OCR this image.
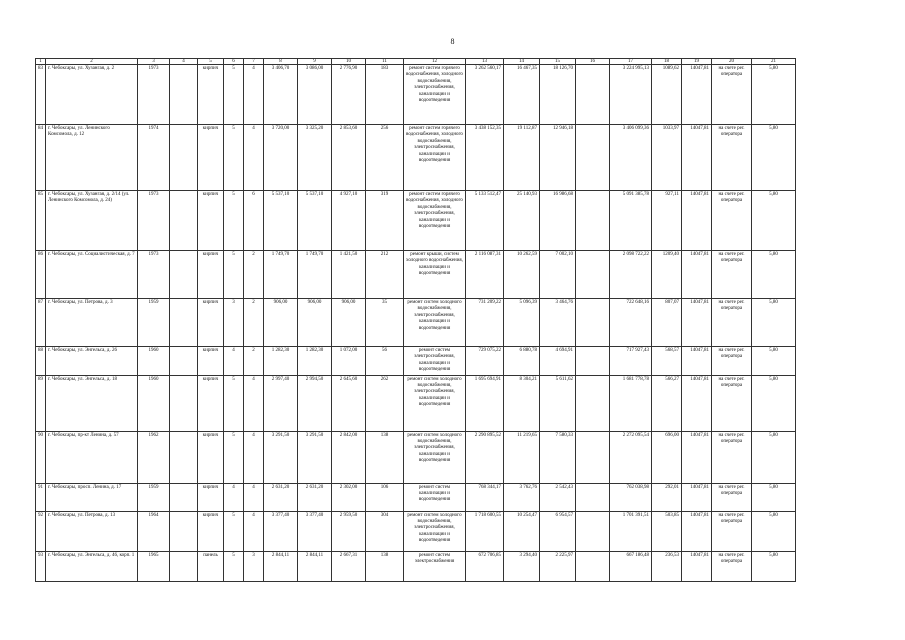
8
1	2	3	4	5	6	7	8	9	10	11	12	13	14	15	16	17	18	19	20	21
83	г. Чебоксары, ул. Хузангая, д. 2	1973		кирпич	5	4	3 406,70	3 086,00	2 776,90	183	ремонт систем горячего водоснабжения, холодного водоснабжения, электроснабжения, канализации и водоотведения	3 262 560,17	16 467,35	18 126,70		3 224 995,13	1089,62	14047,81	на счете рег. оператора	5,80
84	г. Чебоксары, ул. Ленинского Комсомола, д. 12	1974		кирпич	5	4	3 720,00	3 325,20	2 853,60	256	ремонт систем горячего водоснабжения, холодного водоснабжения, электроснабжения, канализации и водоотведения	3 438 152,35	19 112,87	12 946,18		3 406 099,36	1033,97	14047,81	на счете рег. оператора	5,80
85	г. Чебоксары, ул. Хузангая, д. 2/14 (ул. Ленинского Комсомола, д. 24)	1973		кирпич	5	6	5 537,10	5 537,10	4 927,10	319	ремонт систем горячего водоснабжения, холодного водоснабжения, электроснабжения, канализации и водоотведения	5 133 512,47	25 140,93	16 986,68		5 091 385,78	927,11	14047,81	на счете рег. оператора	5,80
86	г. Чебоксары, ул. Социалистическая, д. 7	1973		кирпич	5	2	1 749,70	1 749,70	1 421,50	212	ремонт крыши, систем холодного водоснабжения, канализации и водоотведения	2 116 087,31	10 262,59	7 002,10		2 098 722,22	1209,40	14047,81	на счете рег. оператора	5,80
87	г. Чебоксары, ул. Петрова, д. 3	1959		кирпич	3	2	906,00	906,00	906,00	35	ремонт систем холодного водоснабжения, электроснабжения, канализации и водоотведения	731 209,22	5 096,39	3 464,76		722 648,16	807,07	14047,81	на счете рег. оператора	5,80
88	г. Чебоксары, ул. Энгельса, д. 26	1960		кирпич	4	2	1 282,30	1 282,30	1 072,00	56	ремонт систем электроснабжения, канализации и водоотведения	729 075,22	6 880,78	4 694,91		717 927,43	568,57	14047,81	на счете рег. оператора	5,80
89	г. Чебоксары, ул. Энгельса, д. 18	1960		кирпич	5	4	2 997,40	2 994,50	2 645,60	262	ремонт систем холодного водоснабжения, электроснабжения, канализации и водоотведения	1 695 694,91	8 304,21	5 611,62		1 681 778,78	566,27	14047,81	на счете рег. оператора	5,80
90	г. Чебоксары, пр-кт Ленина, д. 57	1962		кирпич	5	4	3 291,50	3 291,50	2 842,00	138	ремонт систем холодного водоснабжения, электроснабжения, канализации и водоотведения	2 290 895,52	11 219,65	7 580,33		2 272 095,54	696,00	14047,81	на счете рег. оператора	5,80
91	г. Чебоксары, просп. Ленина, д. 17	1959		кирпич	4	4	2 631,20	2 631,20	2 302,00	106	ремонт систем канализации и водоотведения	768 344,17	3 762,76	2 542,43		762 038,98	292,01	14047,81	на счете рег. оператора	5,80
92	г. Чебоксары, ул. Петрова, д. 13	1964		кирпич	5	4	3 377,40	3 377,40	2 959,50	304	ремонт систем холодного водоснабжения, электроснабжения, канализации и водоотведения	1 718 600,55	10 254,47	6 954,57		1 701 391,51	503,85	14047,81	на счете рег. оператора	5,80
93	г. Чебоксары, ул. Энгельса, д. 46, корп. 1	1965		панель	5	3	2 844,11	2 844,11	2 667,31	138	ремонт систем электроснабжения	672 706,85	3 294,40	2 225,97		667 186,48	236,53	14047,81	на счете рег. оператора	5,80
